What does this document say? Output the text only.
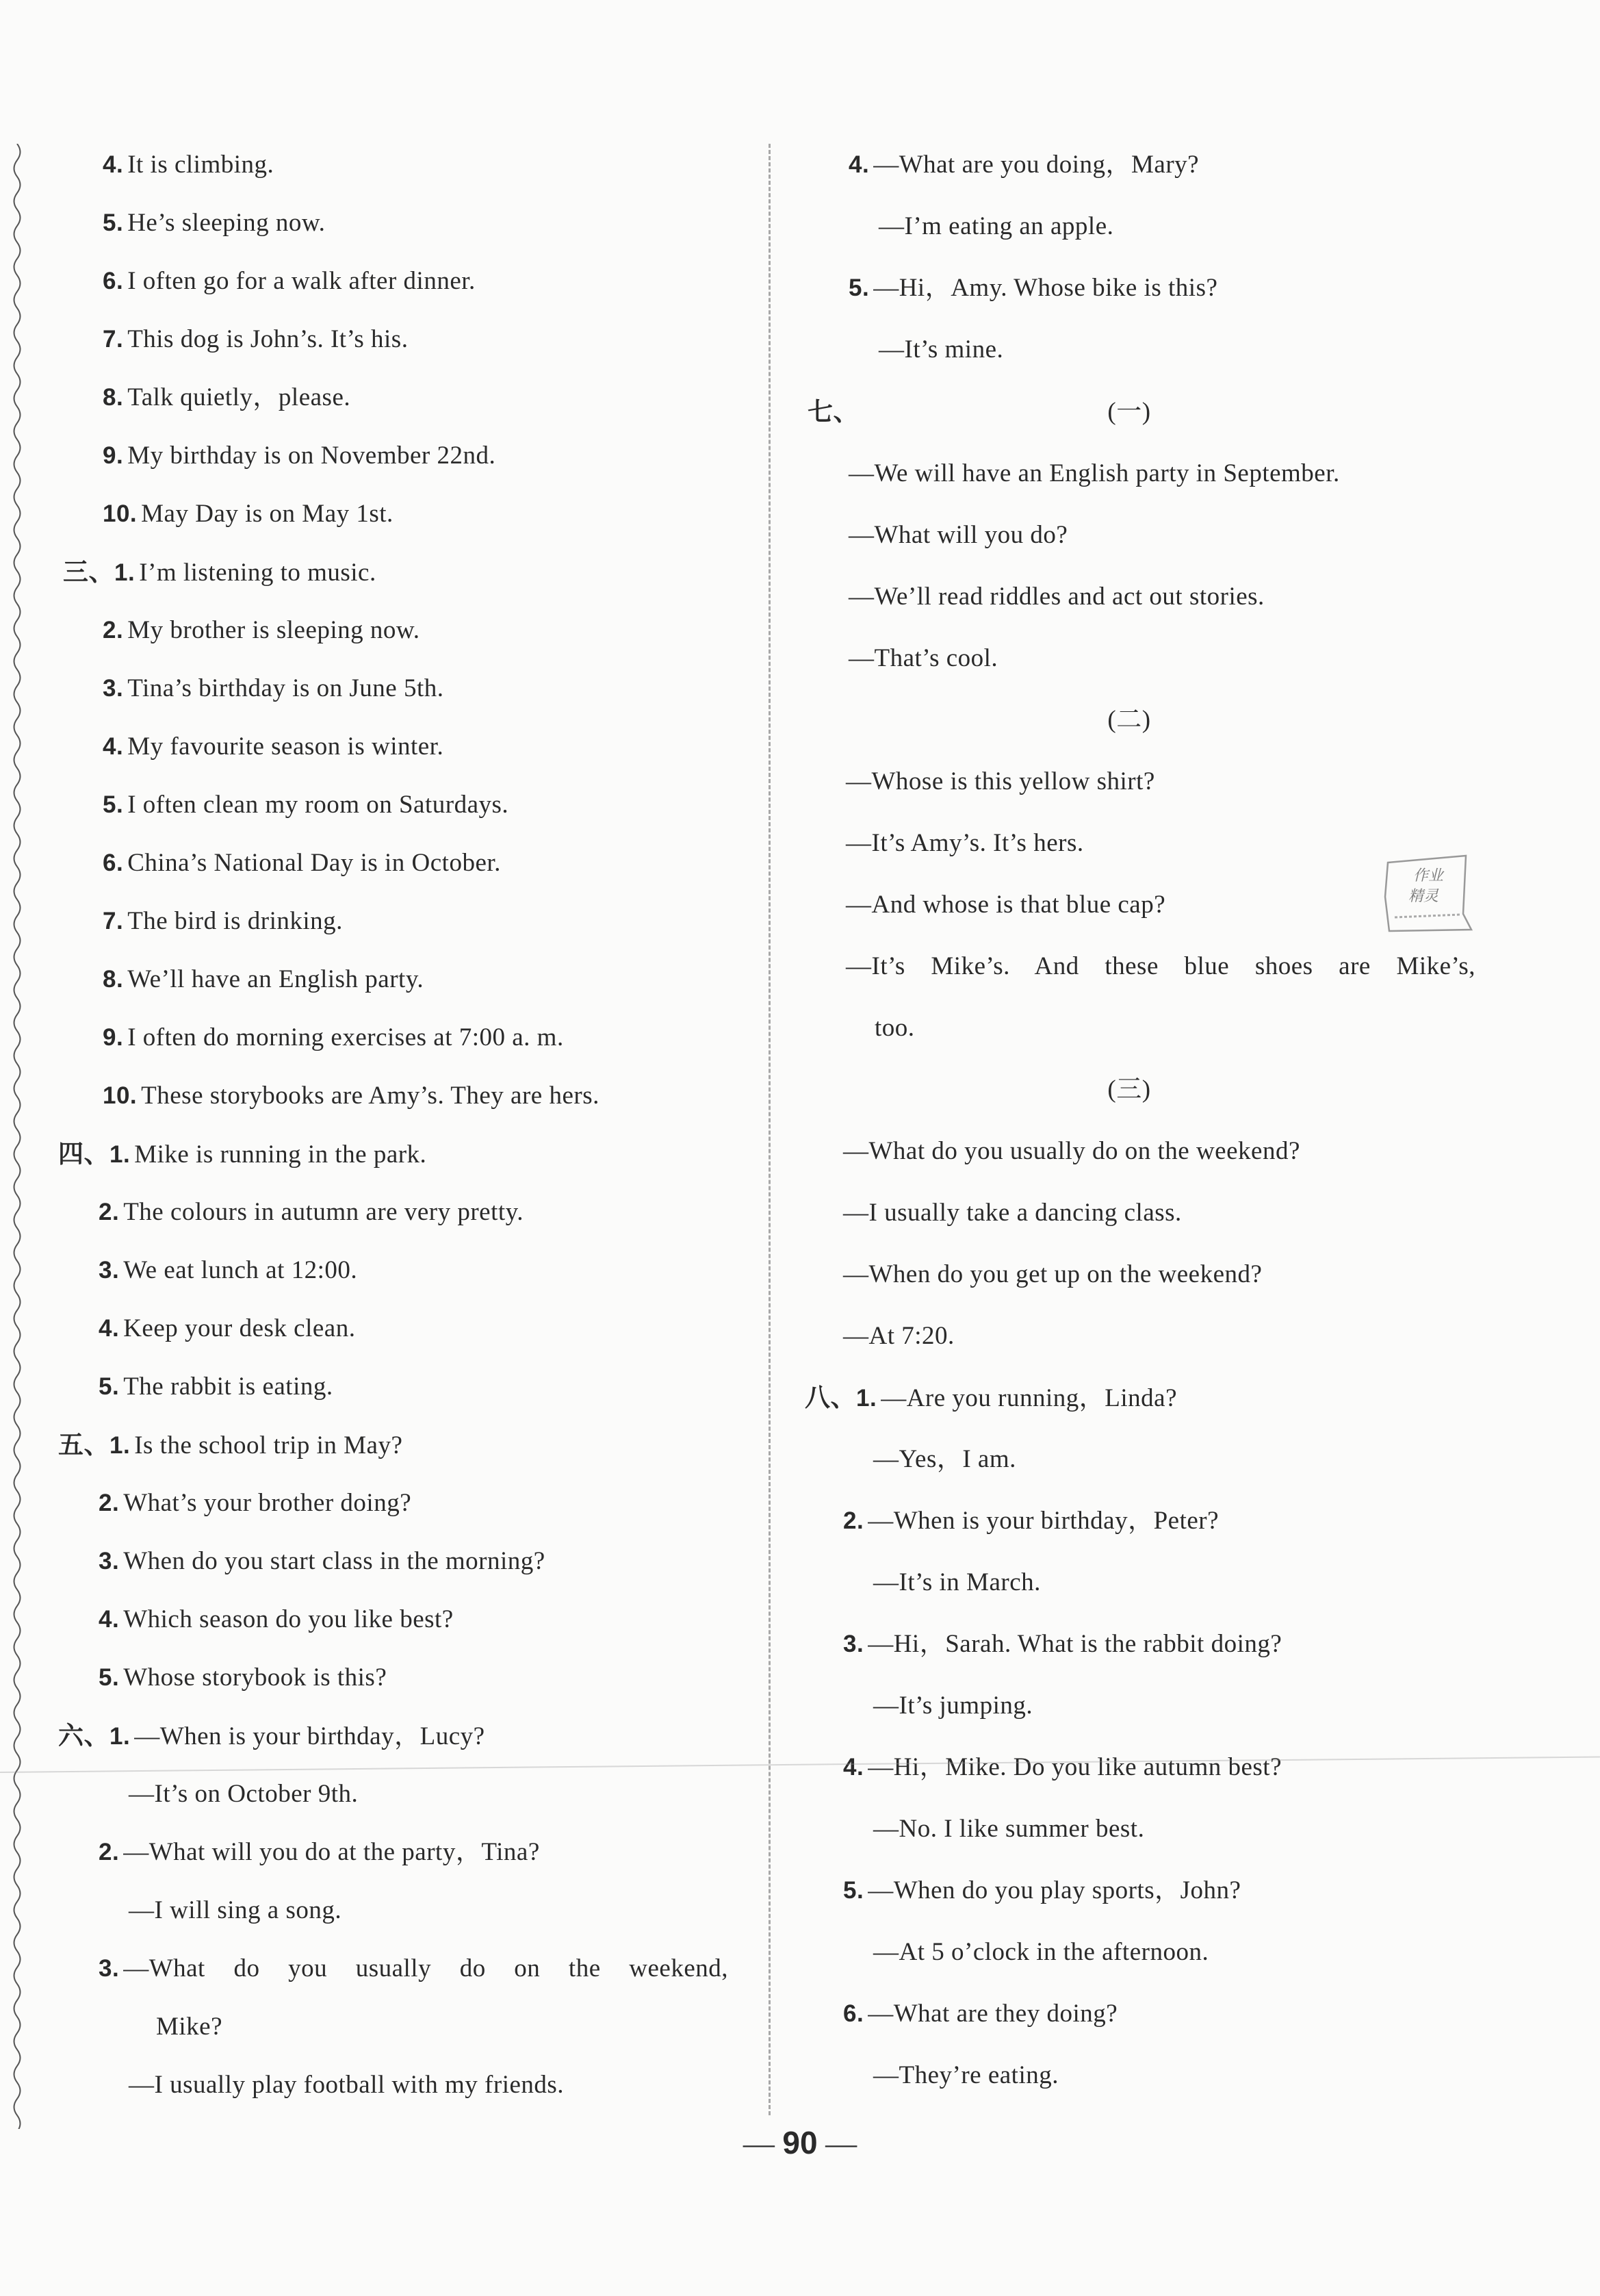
4. It is climbing.
5. He’s sleeping now.
6. I often go for a walk after dinner.
7. This dog is John’s. It’s his.
8. Talk quietly，please.
9. My birthday is on November 22nd.
10. May Day is on May 1st.
三、1. I’m listening to music.
2. My brother is sleeping now.
3. Tina’s birthday is on June 5th.
4. My favourite season is winter.
5. I often clean my room on Saturdays.
6. China’s National Day is in October.
7. The bird is drinking.
8. We’ll have an English party.
9. I often do morning exercises at 7:00 a. m.
10. These storybooks are Amy’s. They are hers.
四、1. Mike is running in the park.
2. The colours in autumn are very pretty.
3. We eat lunch at 12:00.
4. Keep your desk clean.
5. The rabbit is eating.
五、1. Is the school trip in May?
2. What’s your brother doing?
3. When do you start class in the morning?
4. Which season do you like best?
5. Whose storybook is this?
六、1. —When is your birthday，Lucy?
—It’s on October 9th.
2. —What will you do at the party，Tina?
—I will sing a song.
3. —What do you usually do on the weekend,
Mike?
—I usually play football with my friends.
4. —What are you doing，Mary?
—I’m eating an apple.
5. —Hi，Amy. Whose bike is this?
—It’s mine.
七、	(一)
—We will have an English party in September.
—What will you do?
—We’ll read riddles and act out stories.
—That’s cool.
(二)
—Whose is this yellow shirt?
—It’s Amy’s. It’s hers.
—And whose is that blue cap?
—It’s Mike’s. And these blue shoes are Mike’s,
too.
(三)
—What do you usually do on the weekend?
—I usually take a dancing class.
—When do you get up on the weekend?
—At 7:20.
八、1. —Are you running，Linda?
—Yes，I am.
2. —When is your birthday，Peter?
—It’s in March.
3. —Hi，Sarah. What is the rabbit doing?
—It’s jumping.
4. —Hi，Mike. Do you like autumn best?
—No. I like summer best.
5. —When do you play sports，John?
—At 5 o’clock in the afternoon.
6. —What are they doing?
—They’re eating.
作业
精灵
— 90 —
